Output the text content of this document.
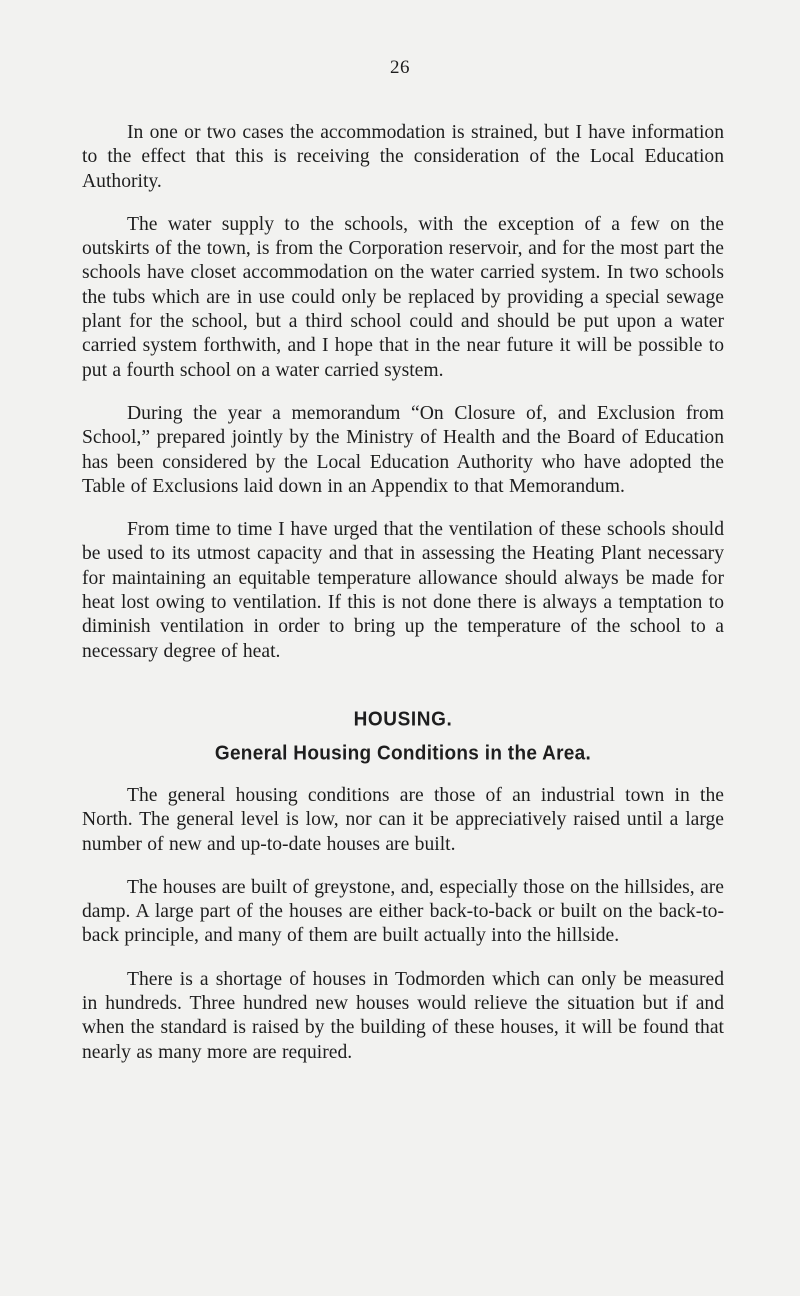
26

In one or two cases the accommodation is strained, but I have information to the effect that this is receiving the consideration of the Local Education Authority.

The water supply to the schools, with the exception of a few on the outskirts of the town, is from the Corporation reservoir, and for the most part the schools have closet accommodation on the water carried system. In two schools the tubs which are in use could only be replaced by providing a special sewage plant for the school, but a third school could and should be put upon a water carried system forthwith, and I hope that in the near future it will be possible to put a fourth school on a water carried system.

During the year a memorandum “On Closure of, and Exclusion from School,” prepared jointly by the Ministry of Health and the Board of Education has been considered by the Local Education Authority who have adopted the Table of Exclusions laid down in an Appendix to that Memorandum.

From time to time I have urged that the ventilation of these schools should be used to its utmost capacity and that in assessing the Heating Plant necessary for maintaining an equitable temperature allowance should always be made for heat lost owing to ventilation. If this is not done there is always a temptation to diminish ventilation in order to bring up the temperature of the school to a necessary degree of heat.

HOUSING.
General Housing Conditions in the Area.

The general housing conditions are those of an industrial town in the North. The general level is low, nor can it be appreciatively raised until a large number of new and up-to-date houses are built.

The houses are built of greystone, and, especially those on the hillsides, are damp. A large part of the houses are either back-to-back or built on the back-to-back principle, and many of them are built actually into the hillside.

There is a shortage of houses in Todmorden which can only be measured in hundreds. Three hundred new houses would relieve the situation but if and when the standard is raised by the building of these houses, it will be found that nearly as many more are required.
